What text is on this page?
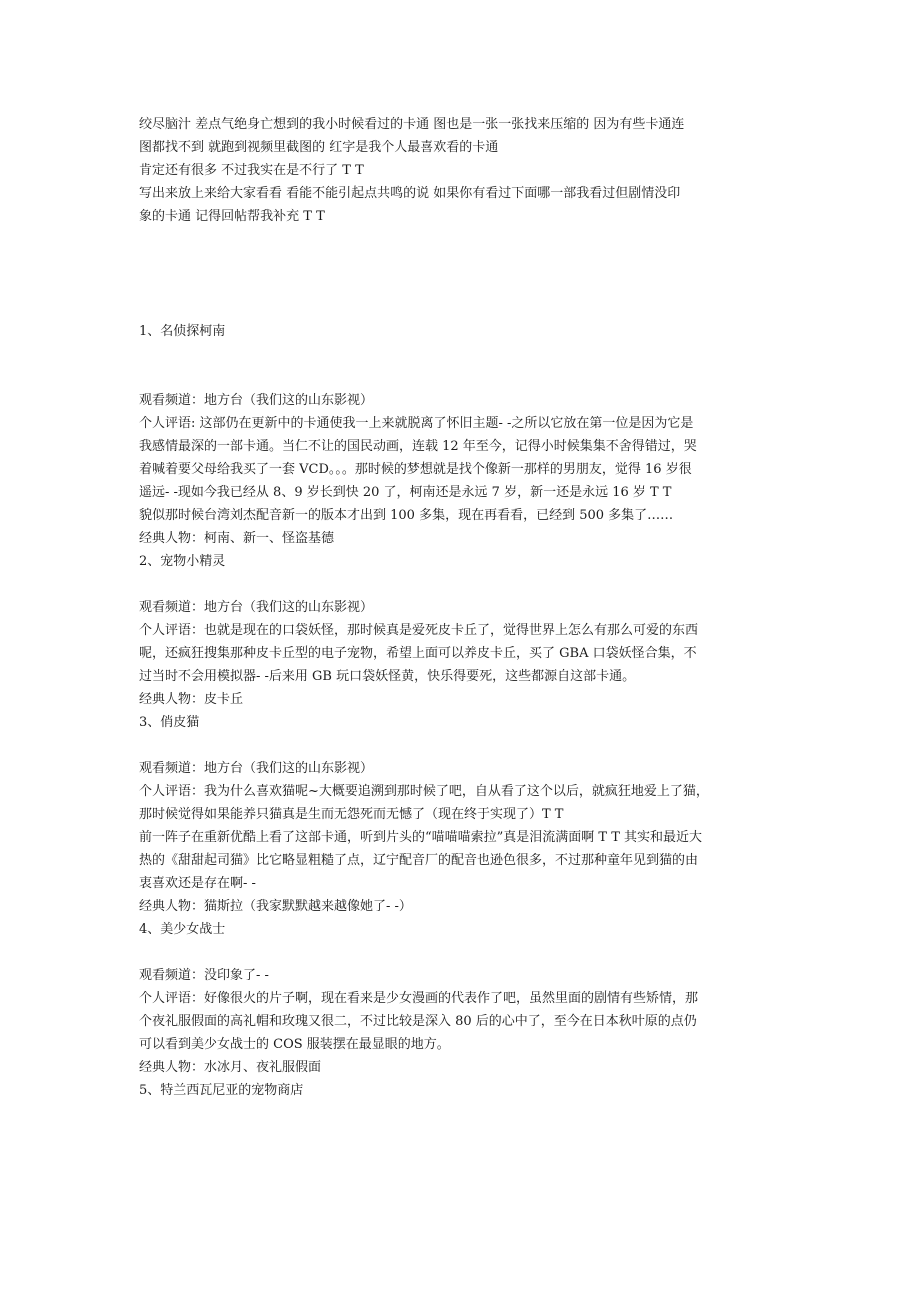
绞尽脑汁 差点气绝身亡想到的我小时候看过的卡通 图也是一张一张找来压缩的 因为有些卡通连
图都找不到 就跑到视频里截图的 红字是我个人最喜欢看的卡通
肯定还有很多 不过我实在是不行了 T T
写出来放上来给大家看看 看能不能引起点共鸣的说 如果你有看过下面哪一部我看过但剧情没印
象的卡通 记得回帖帮我补充 T T
1、名侦探柯南
观看频道：地方台（我们这的山东影视）
个人评语: 这部仍在更新中的卡通使我一上来就脱离了怀旧主题- -之所以它放在第一位是因为它是
我感情最深的一部卡通。当仁不让的国民动画，连载 12 年至今，记得小时候集集不舍得错过，哭
着喊着要父母给我买了一套 VCD。。。那时候的梦想就是找个像新一那样的男朋友，觉得 16 岁很
遥远- -现如今我已经从 8、9 岁长到快 20 了，柯南还是永远 7 岁，新一还是永远 16 岁 T T
貌似那时候台湾刘杰配音新一的版本才出到 100 多集，现在再看看，已经到 500 多集了……
经典人物：柯南、新一、怪盗基德
2、宠物小精灵
观看频道：地方台（我们这的山东影视）
个人评语：也就是现在的口袋妖怪，那时候真是爱死皮卡丘了，觉得世界上怎么有那么可爱的东西
呢，还疯狂搜集那种皮卡丘型的电子宠物，希望上面可以养皮卡丘，买了 GBA 口袋妖怪合集，不
过当时不会用模拟器- -后来用 GB 玩口袋妖怪黄，快乐得要死，这些都源自这部卡通。
经典人物：皮卡丘
3、俏皮猫
观看频道：地方台（我们这的山东影视）
个人评语：我为什么喜欢猫呢~大概要追溯到那时候了吧，自从看了这个以后，就疯狂地爱上了猫，
那时候觉得如果能养只猫真是生而无怨死而无憾了（现在终于实现了）T T
前一阵子在重新优酷上看了这部卡通，听到片头的“喵喵喵索拉”真是泪流满面啊 T T 其实和最近大
热的《甜甜起司猫》比它略显粗糙了点，辽宁配音厂的配音也逊色很多，不过那种童年见到猫的由
衷喜欢还是存在啊- -
经典人物：猫斯拉（我家默默越来越像她了- -）
4、美少女战士
观看频道：没印象了- -
个人评语：好像很火的片子啊，现在看来是少女漫画的代表作了吧，虽然里面的剧情有些矫情，那
个夜礼服假面的高礼帽和玫瑰又很二，不过比较是深入 80 后的心中了，至今在日本秋叶原的点仍
可以看到美少女战士的 COS 服装摆在最显眼的地方。
经典人物：水冰月、夜礼服假面
5、特兰西瓦尼亚的宠物商店
